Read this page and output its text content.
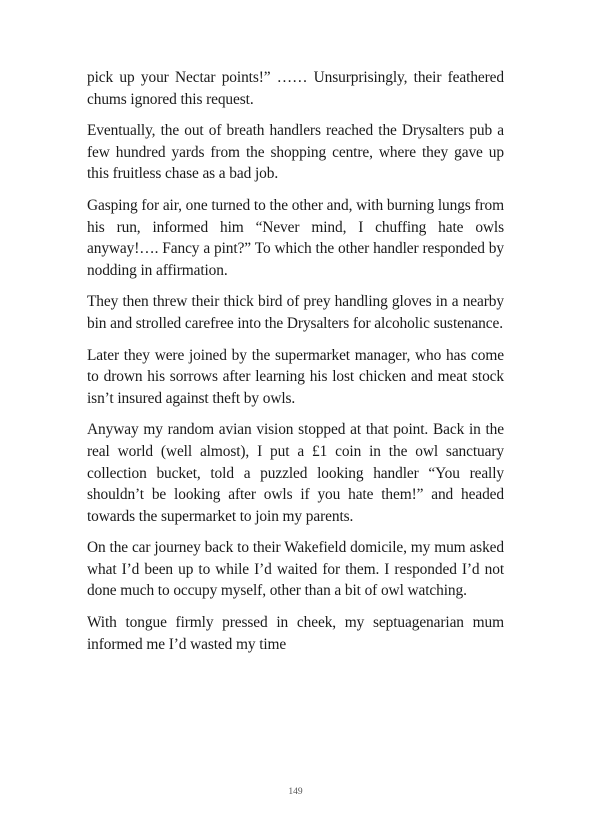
pick up your Nectar points!” …… Unsurprisingly, their feathered chums ignored this request.

Eventually, the out of breath handlers reached the Drysalters pub a few hundred yards from the shopping centre, where they gave up this fruitless chase as a bad job.

Gasping for air, one turned to the other and, with burning lungs from his run, informed him “Never mind, I chuffing hate owls anyway!…. Fancy a pint?” To which the other handler responded by nodding in affirmation.

They then threw their thick bird of prey handling gloves in a nearby bin and strolled carefree into the Drysalters for alcoholic sustenance.

Later they were joined by the supermarket manager, who has come to drown his sorrows after learning his lost chicken and meat stock isn’t insured against theft by owls.

Anyway my random avian vision stopped at that point. Back in the real world (well almost), I put a £1 coin in the owl sanctuary collection bucket, told a puzzled looking handler “You really shouldn’t be looking after owls if you hate them!” and headed towards the supermarket to join my parents.

On the car journey back to their Wakefield domicile, my mum asked what I’d been up to while I’d waited for them. I responded I’d not done much to occupy myself, other than a bit of owl watching.

With tongue firmly pressed in cheek, my septuagenarian mum informed me I’d wasted my time

149
